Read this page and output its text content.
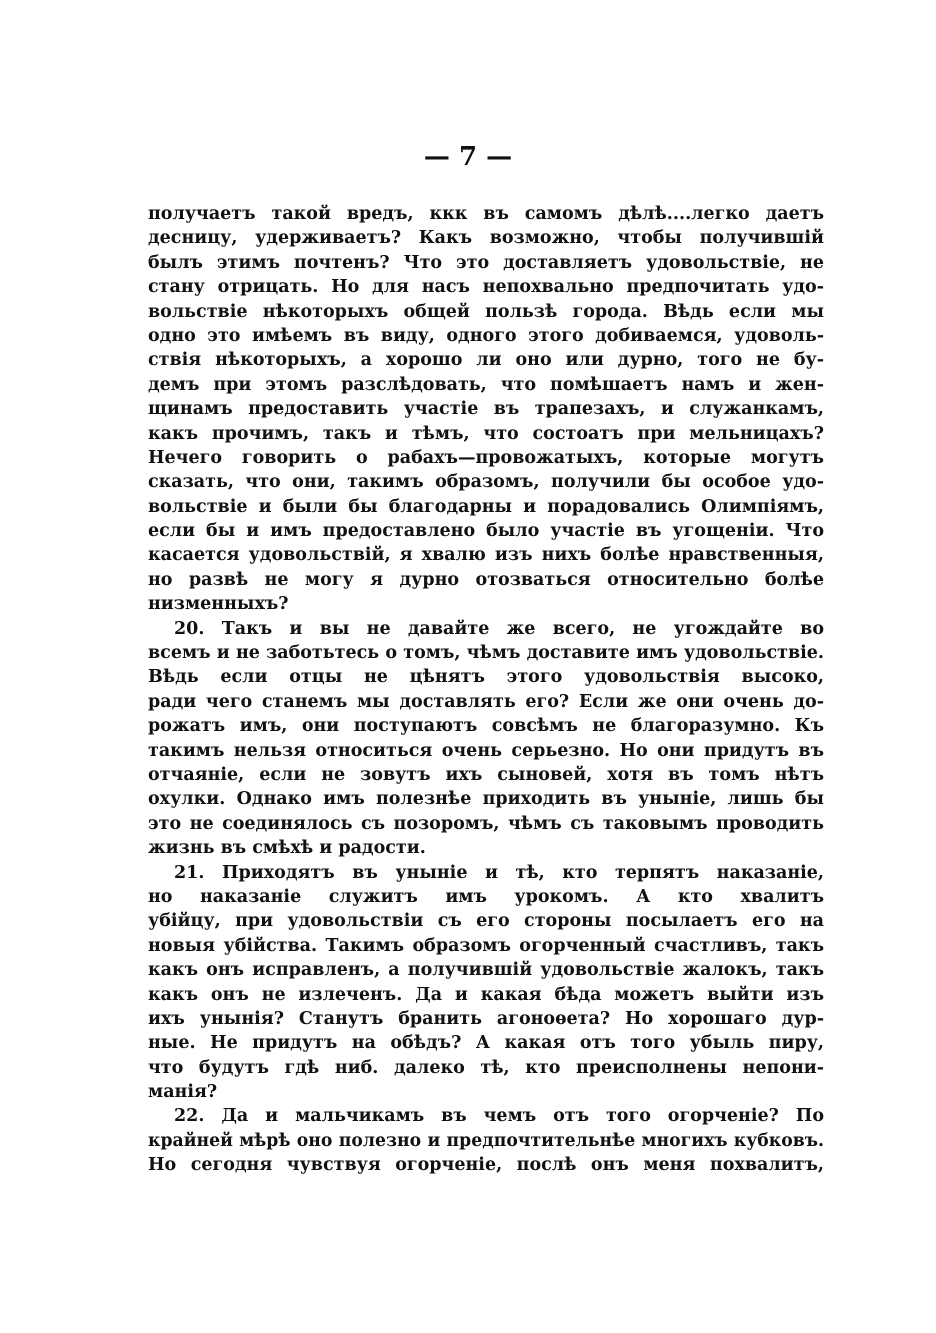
— 7 —
получаетъ такой вредъ, ккк въ самомъ дѣлѣ....легко даетъ
десницу, удерживаетъ? Какъ возможно, чтобы получившій
былъ этимъ почтенъ? Что это доставляетъ удовольствіе, не
стану отрицать. Но для насъ непохвально предпочитать удо-
вольствіе нѣкоторыхъ общей пользѣ города. Вѣдь если мы
одно это имѣемъ въ виду, одного этого добиваемся, удоволь-
ствія нѣкоторыхъ, а хорошо ли оно или дурно, того не бу-
демъ при этомъ разслѣдовать, что помѣшаетъ намъ и жен-
щинамъ предоставить участіе въ трапезахъ, и служанкамъ,
какъ прочимъ, такъ и тѣмъ, что состоатъ при мельницахъ?
Нечего говорить о рабахъ—провожатыхъ, которые могутъ
сказать, что они, такимъ образомъ, получили бы особое удо-
вольствіе и были бы благодарны и порадовались Олимпіямъ,
если бы и имъ предоставлено было участіе въ угощеніи. Что
касается удовольствій, я хвалю изъ нихъ болѣе нравственныя,
но развѣ не могу я дурно отозваться относительно болѣе
низменныхъ?
20. Такъ и вы не давайте же всего, не угождайте во
всемъ и не заботьтесь о томъ, чѣмъ доставите имъ удовольствіе.
Вѣдь если отцы не цѣнятъ этого удовольствія высоко,
ради чего станемъ мы доставлять его? Если же они очень до-
рожатъ имъ, они поступаютъ совсѣмъ не благоразумно. Къ
такимъ нельзя относиться очень серьезно. Но они придутъ въ
отчаяніе, если не зовутъ ихъ сыновей, хотя въ томъ нѣтъ
охулки. Однако имъ полезнѣе приходить въ уныніе, лишь бы
это не соединялось съ позоромъ, чѣмъ съ таковымъ проводить
жизнь въ смѣхѣ и радости.
21. Приходятъ въ уныніе и тѣ, кто терпятъ наказаніе,
но наказаніе служитъ имъ урокомъ. А кто хвалитъ
убійцу, при удовольствіи съ его стороны посылаетъ его на
новыя убійства. Такимъ образомъ огорченный счастливъ, такъ
какъ онъ исправленъ, а получившій удовольствіе жалокъ, такъ
какъ онъ не излеченъ. Да и какая бѣда можетъ выйти изъ
ихъ унынія? Станутъ бранить агоноѳета? Но хорошаго дур-
ные. Не придутъ на обѣдъ? А какая отъ того убыль пиру,
что будутъ гдѣ ниб. далеко тѣ, кто преисполнены непони-
манія?
22. Да и мальчикамъ въ чемъ отъ того огорченіе? По
крайней мѣрѣ оно полезно и предпочтительнѣе многихъ кубковъ.
Но сегодня чувствуя огорченіе, послѣ онъ меня похвалитъ,
